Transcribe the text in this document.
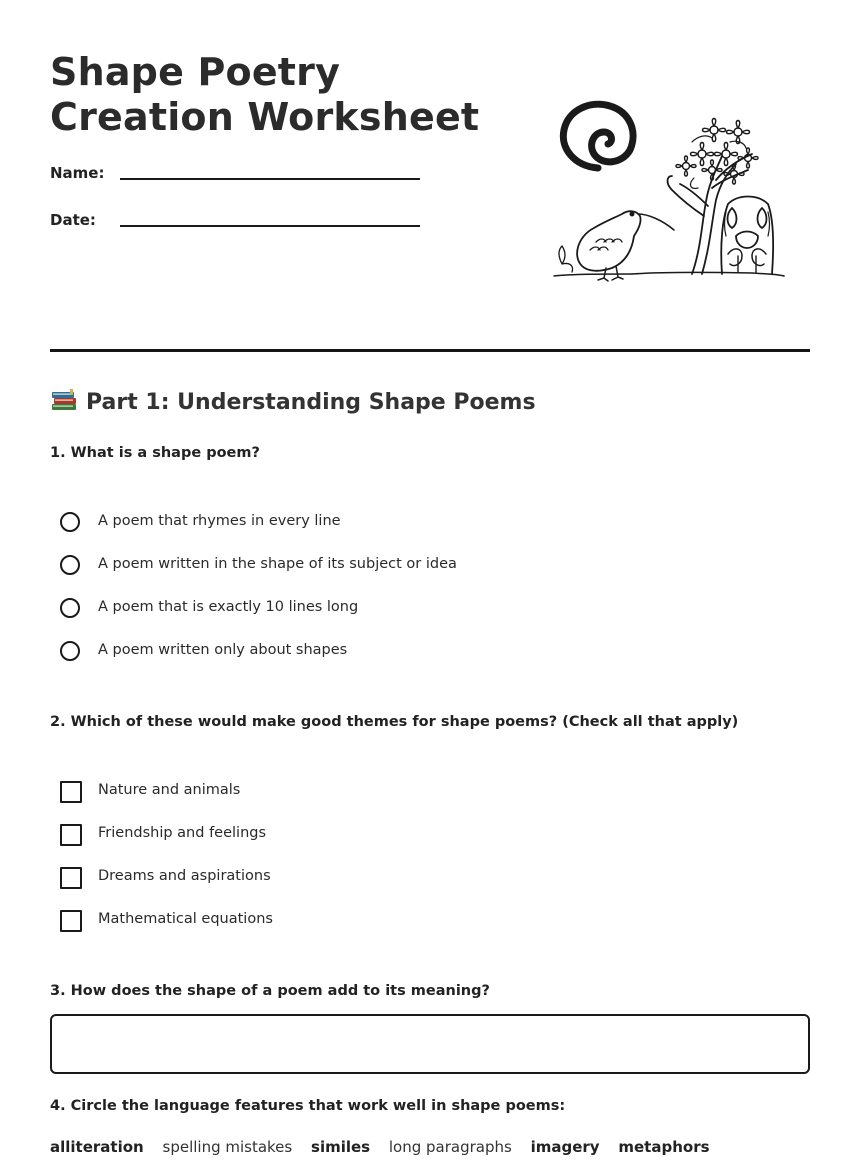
Shape Poetry Creation Worksheet
Name:
Date:
Part 1: Understanding Shape Poems
1. What is a shape poem?
A poem that rhymes in every line
A poem written in the shape of its subject or idea
A poem that is exactly 10 lines long
A poem written only about shapes
2. Which of these would make good themes for shape poems? (Check all that apply)
Nature and animals
Friendship and feelings
Dreams and aspirations
Mathematical equations
3. How does the shape of a poem add to its meaning?
4. Circle the language features that work well in shape poems:
alliteration spelling mistakes similes long paragraphs imagery metaphors
